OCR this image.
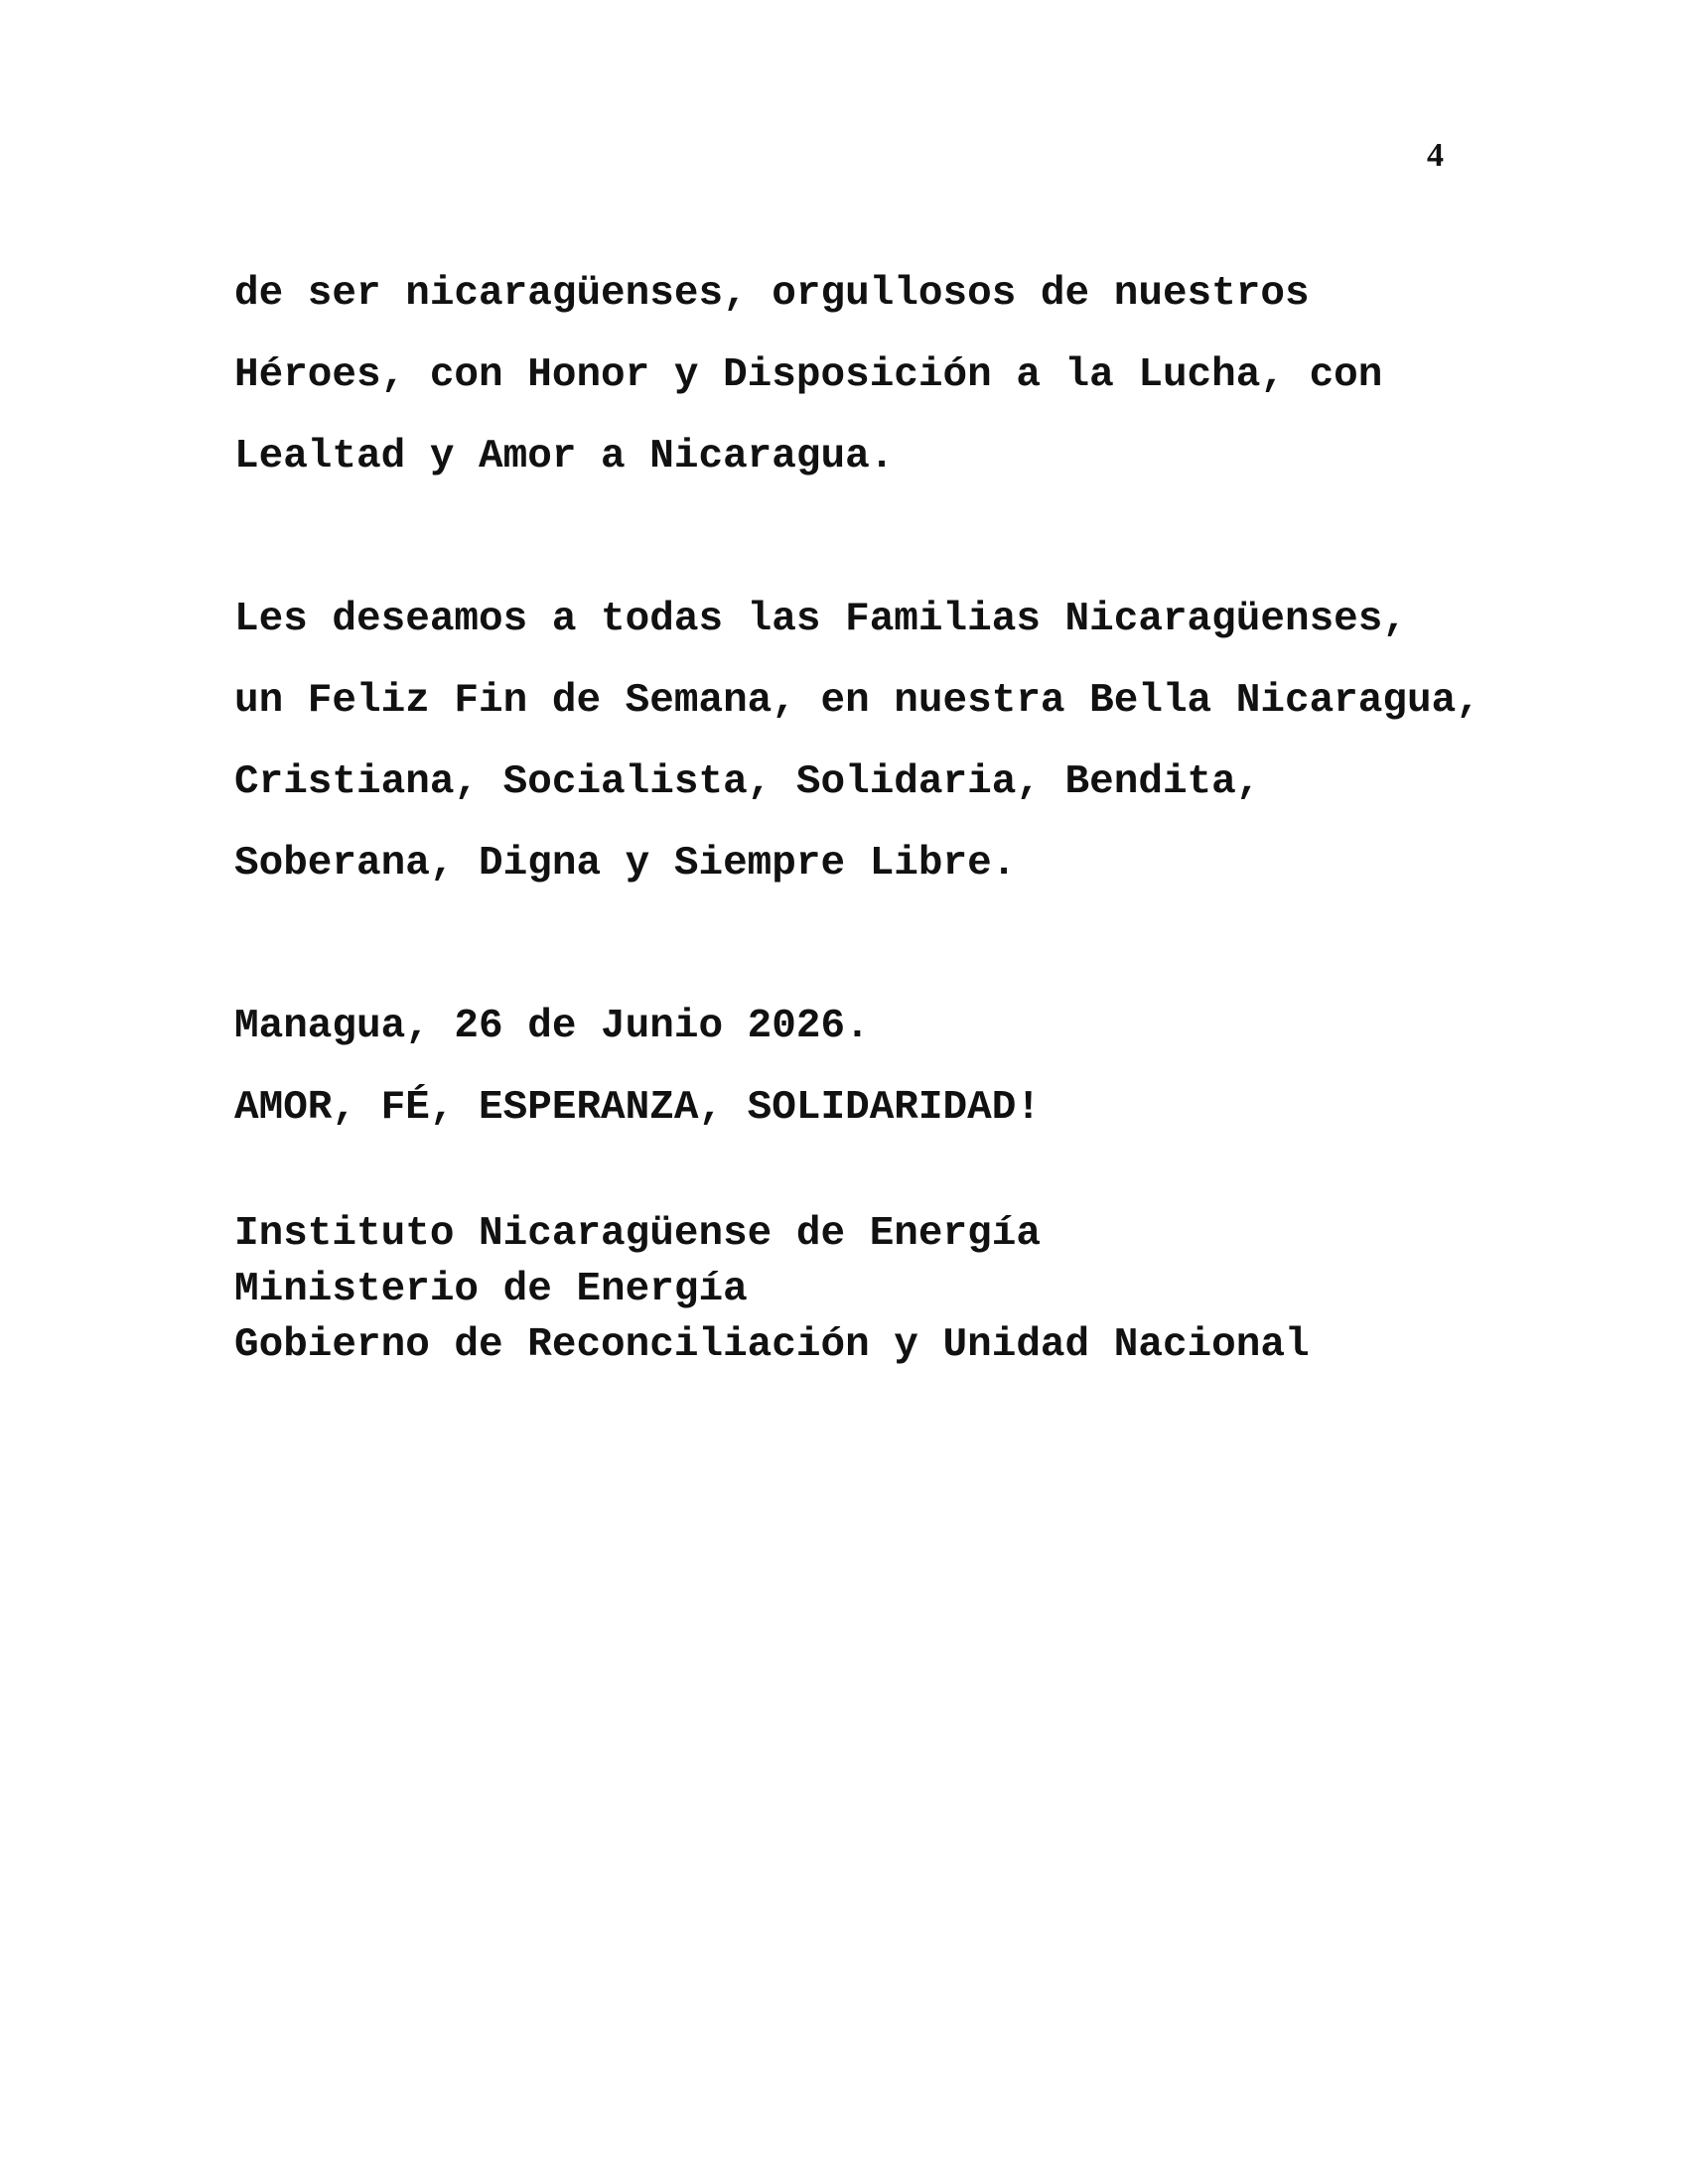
4
de ser nicaragüenses, orgullosos de nuestros
Héroes, con Honor y Disposición a la Lucha, con
Lealtad y Amor a Nicaragua.
Les deseamos a todas las Familias Nicaragüenses,
un Feliz Fin de Semana, en nuestra Bella Nicaragua,
Cristiana, Socialista, Solidaria, Bendita,
Soberana, Digna y Siempre Libre.
Managua, 26 de Junio 2026.
AMOR, FÉ, ESPERANZA, SOLIDARIDAD!
Instituto Nicaragüense de Energía
Ministerio de Energía
Gobierno de Reconciliación y Unidad Nacional
